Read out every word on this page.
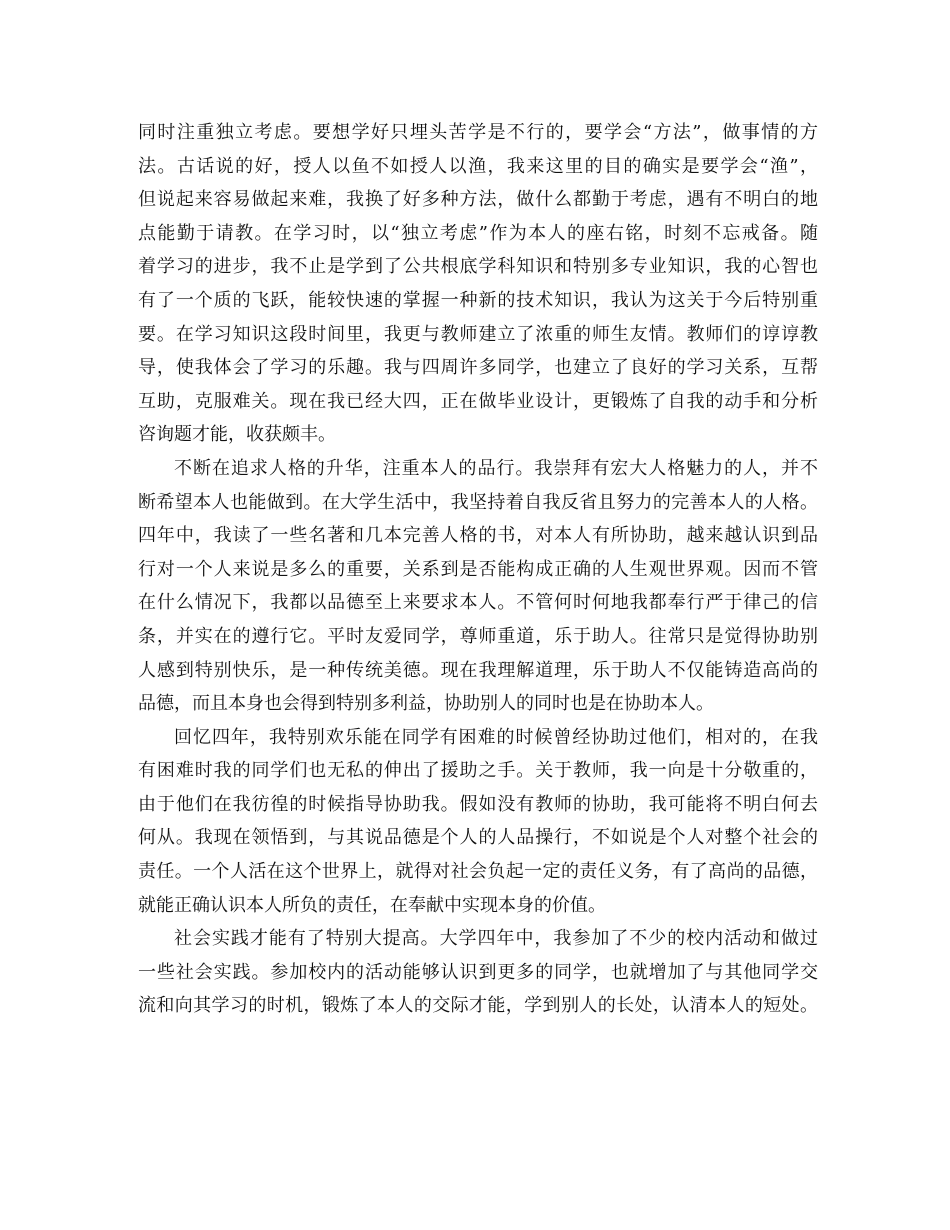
同时注重独立考虑。要想学好只埋头苦学是不行的，要学会“方法”，做事情的方
法。古话说的好，授人以鱼不如授人以渔，我来这里的目的确实是要学会“渔”，
但说起来容易做起来难，我换了好多种方法，做什么都勤于考虑，遇有不明白的地
点能勤于请教。在学习时，以“独立考虑”作为本人的座右铭，时刻不忘戒备。随
着学习的进步，我不止是学到了公共根底学科知识和特别多专业知识，我的心智也
有了一个质的飞跃，能较快速的掌握一种新的技术知识，我认为这关于今后特别重
要。在学习知识这段时间里，我更与教师建立了浓重的师生友情。教师们的谆谆教
导，使我体会了学习的乐趣。我与四周许多同学，也建立了良好的学习关系，互帮
互助，克服难关。现在我已经大四，正在做毕业设计，更锻炼了自我的动手和分析
咨询题才能，收获颇丰。
不断在追求人格的升华，注重本人的品行。我崇拜有宏大人格魅力的人，并不
断希望本人也能做到。在大学生活中，我坚持着自我反省且努力的完善本人的人格。
四年中，我读了一些名著和几本完善人格的书，对本人有所协助，越来越认识到品
行对一个人来说是多么的重要，关系到是否能构成正确的人生观世界观。因而不管
在什么情况下，我都以品德至上来要求本人。不管何时何地我都奉行严于律己的信
条，并实在的遵行它。平时友爱同学，尊师重道，乐于助人。往常只是觉得协助别
人感到特别快乐，是一种传统美德。现在我理解道理，乐于助人不仅能铸造高尚的
品德，而且本身也会得到特别多利益，协助别人的同时也是在协助本人。
回忆四年，我特别欢乐能在同学有困难的时候曾经协助过他们，相对的，在我
有困难时我的同学们也无私的伸出了援助之手。关于教师，我一向是十分敬重的，
由于他们在我彷徨的时候指导协助我。假如没有教师的协助，我可能将不明白何去
何从。我现在领悟到，与其说品德是个人的人品操行，不如说是个人对整个社会的
责任。一个人活在这个世界上，就得对社会负起一定的责任义务，有了高尚的品德，
就能正确认识本人所负的责任，在奉献中实现本身的价值。
社会实践才能有了特别大提高。大学四年中，我参加了不少的校内活动和做过
一些社会实践。参加校内的活动能够认识到更多的同学，也就增加了与其他同学交
流和向其学习的时机，锻炼了本人的交际才能，学到别人的长处，认清本人的短处。
